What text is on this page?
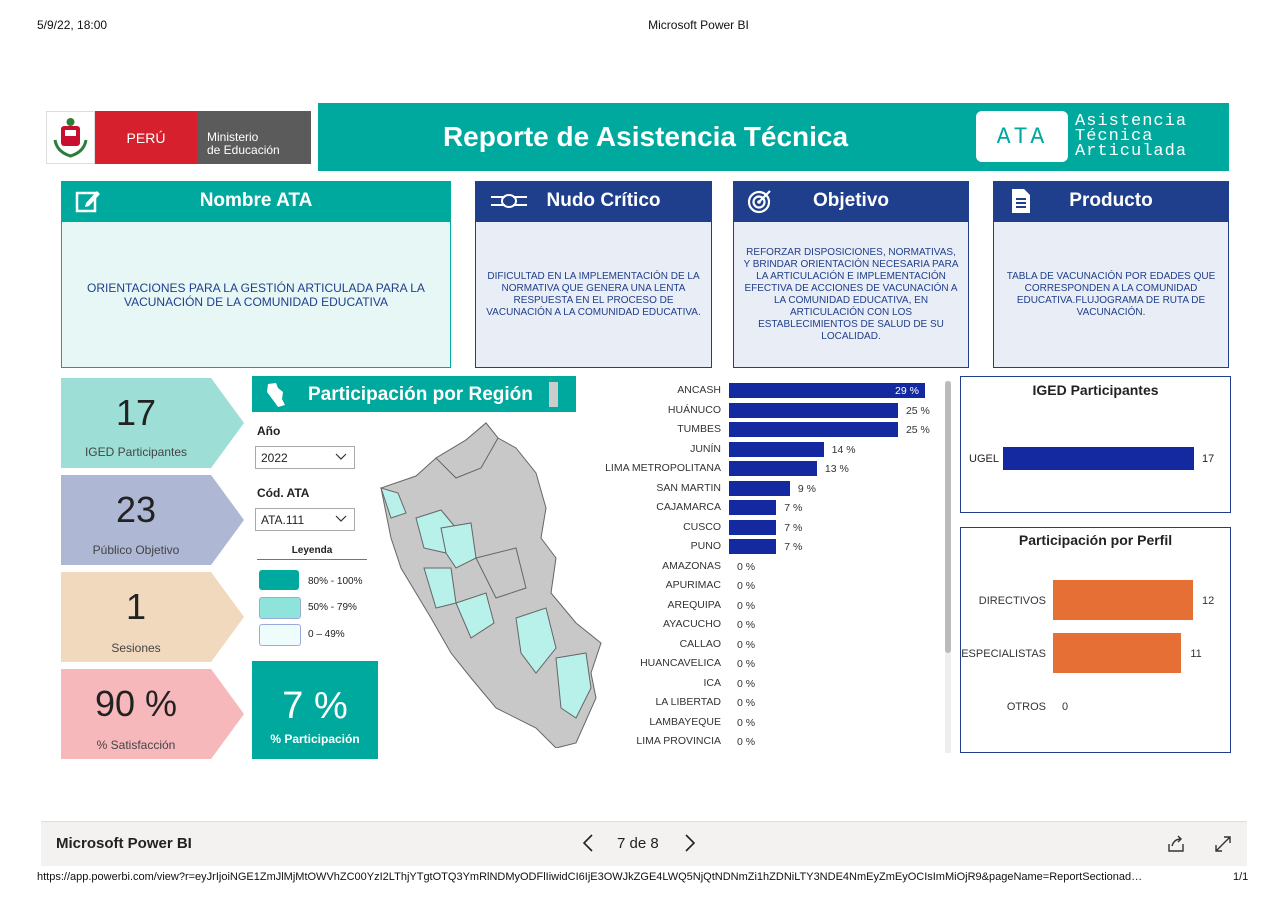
5/9/22, 18:00	Microsoft Power BI
PERÚ	Ministerio
de Educación	Reporte de Asistencia Técnica	ATA
Asistencia
Técnica
Articulada
Nombre ATA
ORIENTACIONES PARA LA GESTIÓN ARTICULADA PARA LA VACUNACIÓN DE LA COMUNIDAD EDUCATIVA
Nudo Crítico
DIFICULTAD EN LA IMPLEMENTACIÓN DE LA NORMATIVA QUE GENERA UNA LENTA RESPUESTA EN EL PROCESO DE VACUNACIÓN A LA COMUNIDAD EDUCATIVA.
Objetivo
REFORZAR DISPOSICIONES, NORMATIVAS, Y BRINDAR ORIENTACIÓN NECESARIA PARA LA ARTICULACIÓN E IMPLEMENTACIÓN EFECTIVA DE ACCIONES DE VACUNACIÓN A LA COMUNIDAD EDUCATIVA, EN ARTICULACIÓN CON LOS ESTABLECIMIENTOS DE SALUD DE SU LOCALIDAD.
Producto
TABLA DE VACUNACIÓN POR EDADES QUE CORRESPONDEN A LA COMUNIDAD EDUCATIVA.FLUJOGRAMA DE RUTA DE VACUNACIÓN.
17
IGED Participantes
23
Público Objetivo
1
Sesiones
90 %
% Satisfacción
Participación por Región
Año
2022
Cód. ATA
ATA.111
Leyenda
80% - 100%
50% - 79%
0 – 49%
7 %
% Participación
ANCASH	29 %
HUÁNUCO	25 %
TUMBES	25 %
JUNÍN	14 %
LIMA METROPOLITANA	13 %
SAN MARTIN	9 %
CAJAMARCA	7 %
CUSCO	7 %
PUNO	7 %
AMAZONAS 0 %
APURIMAC 0 %
AREQUIPA 0 %
AYACUCHO 0 %
CALLAO 0 %
HUANCAVELICA 0 %
ICA 0 %
LA LIBERTAD 0 %
LAMBAYEQUE 0 %
LIMA PROVINCIA 0 %
IGED Participantes
UGEL	17
Participación por Perfil
DIRECTIVOS	12
ESPECIALISTAS	11
OTROS 0
Microsoft Power BI	7 de 8
https://app.powerbi.com/view?r=eyJrIjoiNGE1ZmJlMjMtOWVhZC00YzI2LThjYTgtOTQ3YmRlNDMyODFlIiwidCI6IjE3OWJkZGE4LWQ5NjQtNDNmZi1hZDNiLTY3NDE4NmEyZmEyOCIsImMiOjR9&pageName=ReportSectionad…	1/1
